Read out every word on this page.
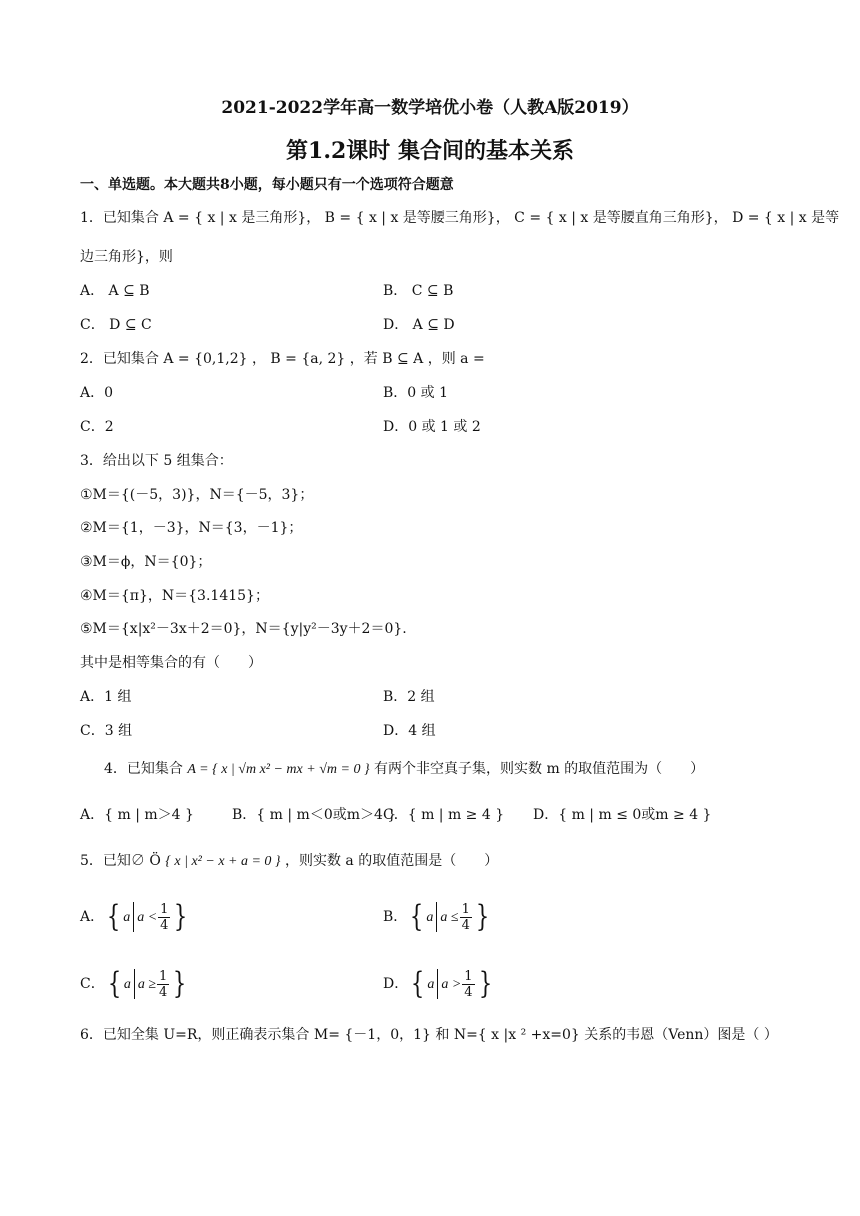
2021-2022学年高一数学培优小卷（人教A版2019）
第1.2课时 集合间的基本关系
一、单选题。本大题共8小题，每小题只有一个选项符合题意
1．已知集合 A = { x | x 是三角形}， B = { x | x 是等腰三角形}， C = { x | x 是等腰直角三角形}， D = { x | x 是等
边三角形}，则
A． A ⊆ B	B． C ⊆ B
C． D ⊆ C	D． A ⊆ D
2．已知集合 A = {0,1,2} ， B = {a, 2} ，若 B ⊆ A ，则 a =
A．0	B．0 或 1
C．2	D．0 或 1 或 2
3．给出以下 5 组集合：
①M＝{(－5，3)}，N＝{－5，3}；
②M＝{1，－3}，N＝{3，－1}；
③M＝ϕ，N＝{0}；
④M＝{π}，N＝{3.1415}；
⑤M＝{x|x²－3x＋2＝0}，N＝{y|y²－3y＋2＝0}.
其中是相等集合的有（　　）
A．1 组	B．2 组
C．3 组	D．4 组
4．已知集合 A = { x | √m x² − mx + √m = 0 } 有两个非空真子集，则实数 m 的取值范围为（　　）
A．{ m | m＞4 }	B．{ m | m＜0或m＞4 }
C．{ m | m ≥ 4 } D．{ m | m ≤ 0或m ≥ 4 }
5．已知∅ Ö { x | x² − x + a = 0 } ，则实数 a 的取值范围是（　　）
A．{ a $a < \frac{1}{4}$ }	B．{ a $a \le \frac{1}{4}$ }
C．{ a $a \ge \frac{1}{4}$ }	D．{ a $a > \frac{1}{4}$ }
6．已知全集 U=R，则正确表示集合 M= {－1，0，1} 和 N={ x |x ² +x=0} 关系的韦恩（Venn）图是（ ）
